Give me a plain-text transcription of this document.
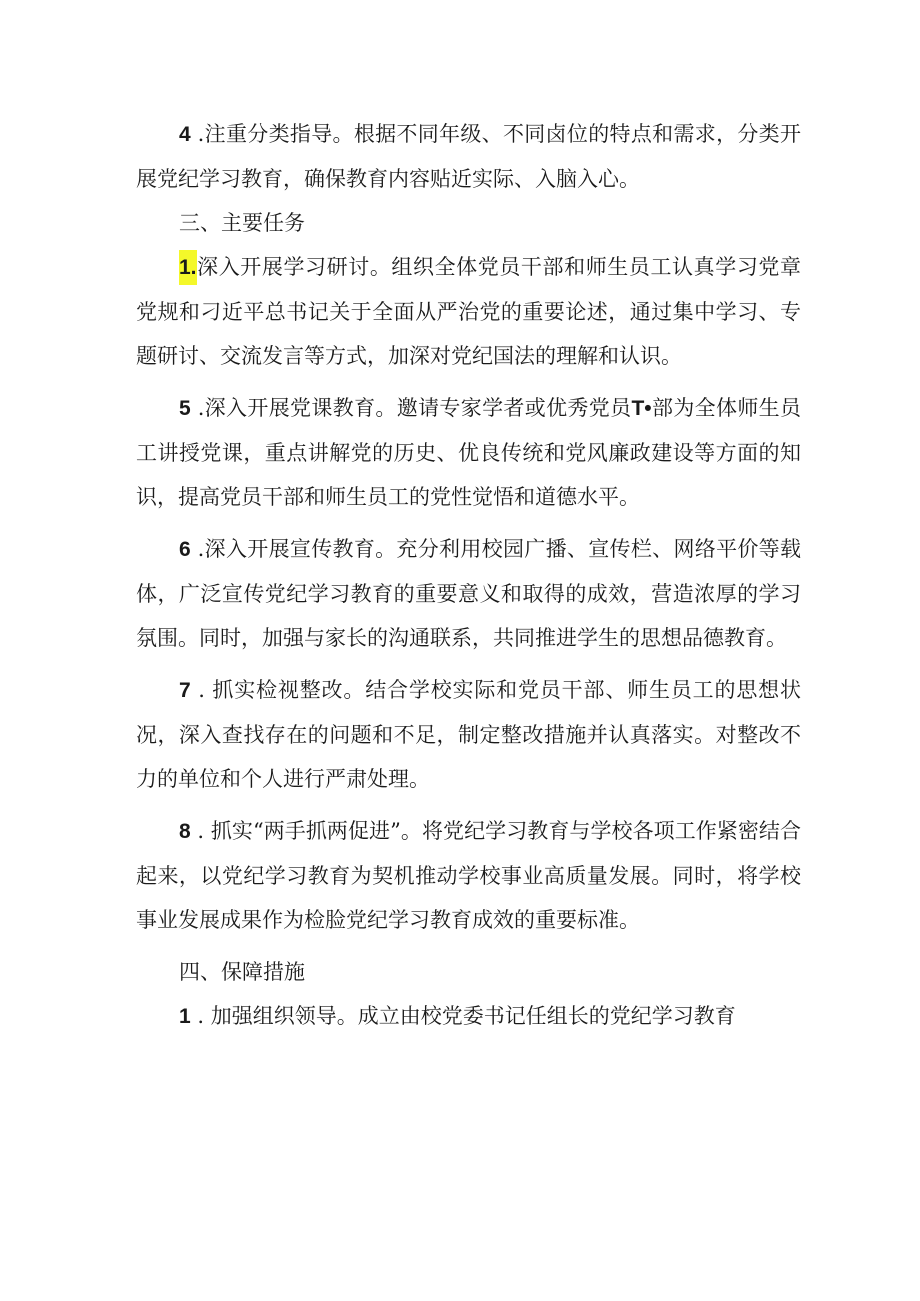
4 .注重分类指导。根据不同年级、不同卤位的特点和需求，分类开展党纪学习教育，确保教育内容贴近实际、入脑入心。

三、主要任务

1.深入开展学习研讨。组织全体党员干部和师生员工认真学习党章党规和刁近平总书记关于全面从严治党的重要论述，通过集中学习、专题研讨、交流发言等方式，加深对党纪国法的理解和认识。

5 .深入开展党课教育。邀请专家学者或优秀党员T•部为全体师生员工讲授党课，重点讲解党的历史、优良传统和党风廉政建设等方面的知识，提高党员干部和师生员工的党性觉悟和道德水平。

6 .深入开展宣传教育。充分利用校园广播、宣传栏、网络平价等载体，广泛宣传党纪学习教育的重要意义和取得的成效，营造浓厚的学习氛围。同时，加强与家长的沟通联系，共同推进学生的思想品德教育。

7 . 抓实检视整改。结合学校实际和党员干部、师生员工的思想状况，深入查找存在的问题和不足，制定整改措施并认真落实。对整改不力的单位和个人进行严肃处理。

8 . 抓实“两手抓两促进”。将党纪学习教育与学校各项工作紧密结合起来，以党纪学习教育为契机推动学校事业高质量发展。同时，将学校事业发展成果作为检脸党纪学习教育成效的重要标准。

四、保障措施

1 . 加强组织领导。成立由校党委书记任组长的党纪学习教育
